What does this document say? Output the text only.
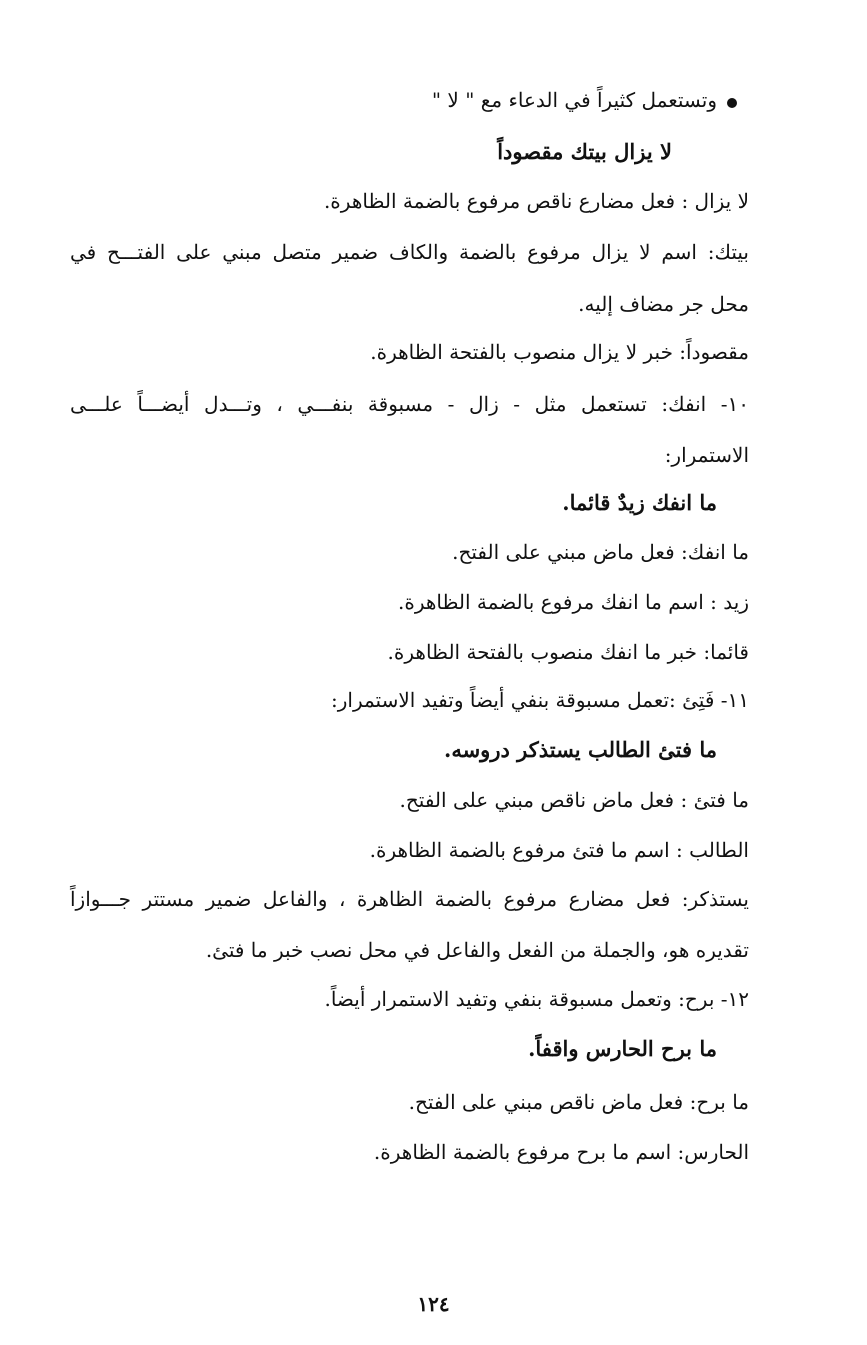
وتستعمل كثيراً في الدعاء مع " لا "
لا يزال بيتك مقصوداً
لا يزال : فعل مضارع ناقص مرفوع بالضمة الظاهرة.
بيتك: اسم لا يزال مرفوع بالضمة والكاف ضمير متصل مبني على الفتـــح في
محل جر مضاف إليه.
مقصوداً: خبر لا يزال منصوب بالفتحة الظاهرة.
١٠- انفك: تستعمل مثل - زال - مسبوقة بنفـــي ، وتـــدل أيضـــاً علـــى
الاستمرار:
ما انفك زيدٌ قائما.
ما انفك: فعل ماض مبني على الفتح.
زيد : اسم ما انفك مرفوع بالضمة الظاهرة.
قائما: خبر ما انفك منصوب بالفتحة الظاهرة.
١١- فَتِئ :تعمل مسبوقة بنفي أيضاً وتفيد الاستمرار:
ما فتئ الطالب يستذكر دروسه.
ما فتئ : فعل ماض ناقص مبني على الفتح.
الطالب : اسم ما فتئ مرفوع بالضمة الظاهرة.
يستذكر: فعل مضارع مرفوع بالضمة الظاهرة ، والفاعل ضمير مستتر جـــوازاً
تقديره هو، والجملة من الفعل والفاعل في محل نصب خبر ما فتئ.
١٢- برح: وتعمل مسبوقة بنفي وتفيد الاستمرار أيضاً.
ما برح الحارس واقفاً.
ما برح: فعل ماض ناقص مبني على الفتح.
الحارس: اسم ما برح مرفوع بالضمة الظاهرة.
١٢٤
